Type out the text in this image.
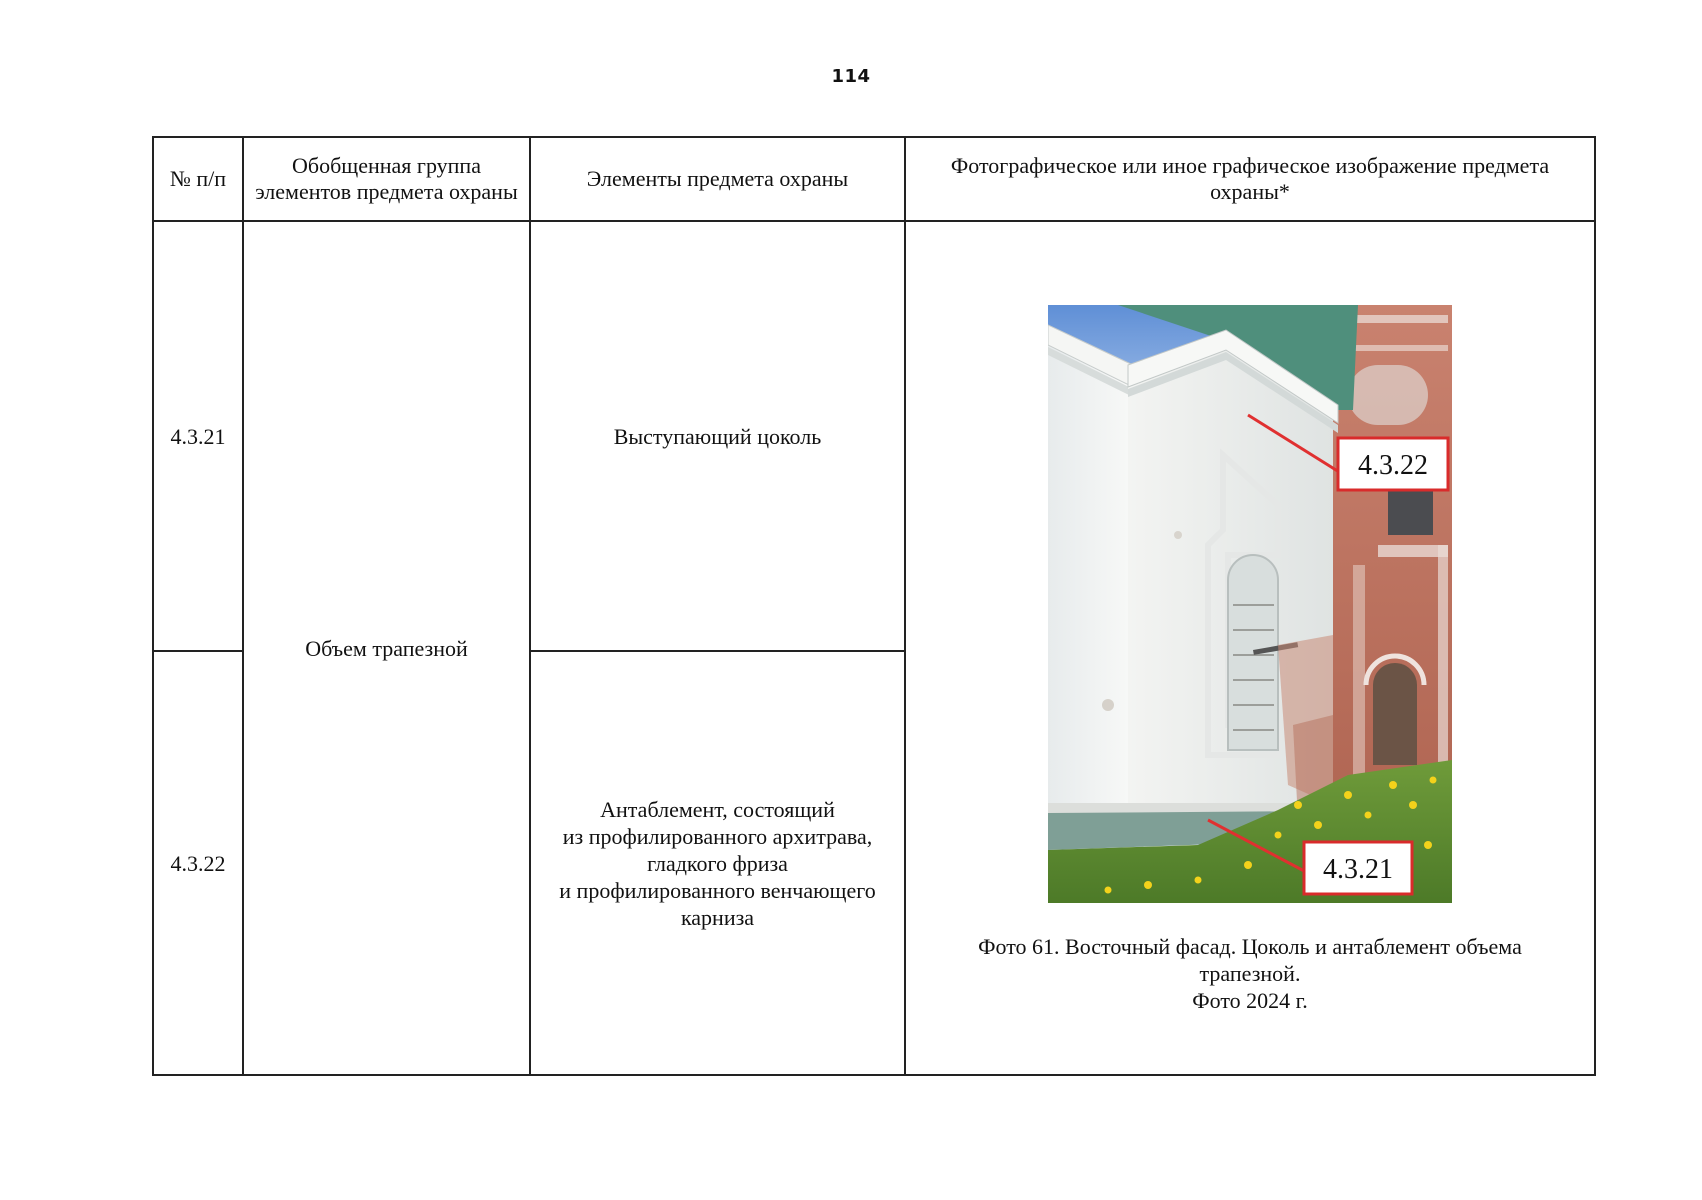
114
№ п/п	Обобщенная группа элементов предмета охраны	Элементы предмета охраны	Фотографическое или иное графическое изображение предмета охраны*
4.3.21	Объем трапезной	Выступающий цоколь	4.3.22
4.3.21
Фото 61. Восточный фасад. Цоколь и антаблемент объема
трапезной.
Фото 2024 г.

4.3.22		Антаблемент, состоящий
из профилированного архитрава,
гладкого фриза
и профилированного венчающего
карниза	
